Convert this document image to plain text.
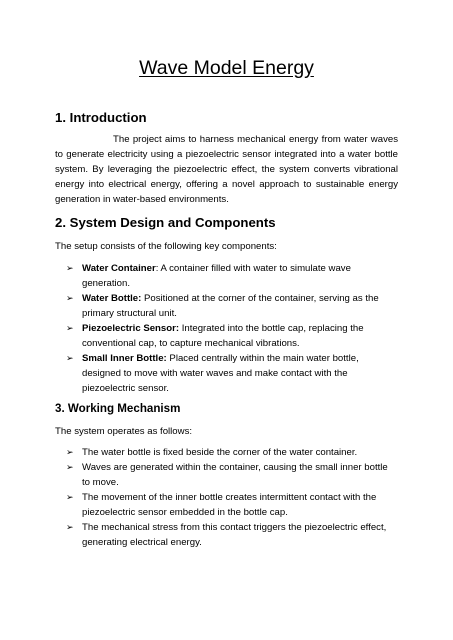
Wave Model Energy
1. Introduction
The project aims to harness mechanical energy from water waves to generate electricity using a piezoelectric sensor integrated into a water bottle system. By leveraging the piezoelectric effect, the system converts vibrational energy into electrical energy, offering a novel approach to sustainable energy generation in water-based environments.
2. System Design and Components
The setup consists of the following key components:
➢ Water Container: A container filled with water to simulate wave generation.
➢ Water Bottle: Positioned at the corner of the container, serving as the primary structural unit.
➢ Piezoelectric Sensor: Integrated into the bottle cap, replacing the conventional cap, to capture mechanical vibrations.
➢ Small Inner Bottle: Placed centrally within the main water bottle, designed to move with water waves and make contact with the piezoelectric sensor.
3. Working Mechanism
The system operates as follows:
➢ The water bottle is fixed beside the corner of the water container.
➢ Waves are generated within the container, causing the small inner bottle to move.
➢ The movement of the inner bottle creates intermittent contact with the piezoelectric sensor embedded in the bottle cap.
➢ The mechanical stress from this contact triggers the piezoelectric effect, generating electrical energy.
